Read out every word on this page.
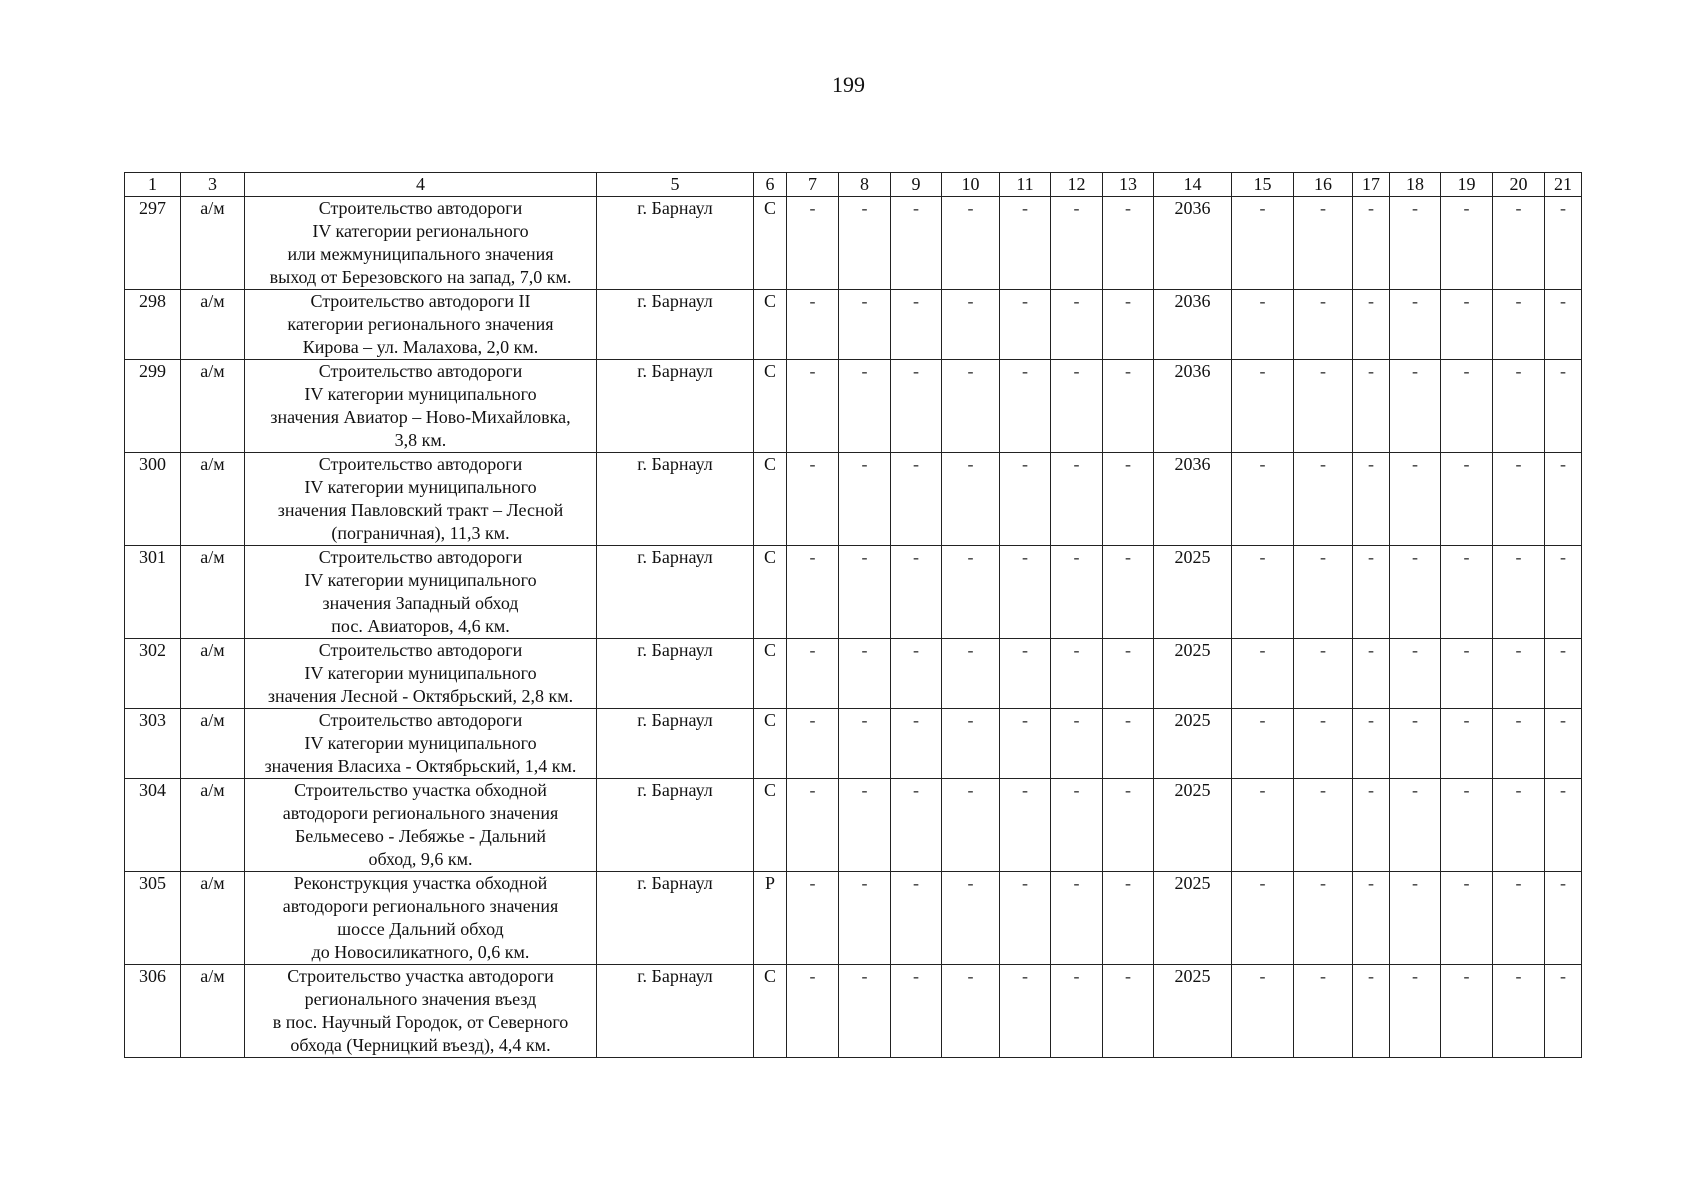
199
1	3	4	5	6	7	8	9	10	11	12	13	14	15	16	17	18	19	20	21
297	а/м	Строительство автодороги
IV категории регионального
или межмуниципального значения
выход от Березовского на запад, 7,0 км.	г. Барнаул	С	-	-	-	-	-	-	-	2036	-	-	-	-	-	-	-
298	а/м	Строительство автодороги II
категории регионального значения
Кирова – ул. Малахова, 2,0 км.	г. Барнаул	С	-	-	-	-	-	-	-	2036	-	-	-	-	-	-	-
299	а/м	Строительство автодороги
IV категории муниципального
значения Авиатор – Ново-Михайловка,
3,8 км.	г. Барнаул	С	-	-	-	-	-	-	-	2036	-	-	-	-	-	-	-
300	а/м	Строительство автодороги
IV категории муниципального
значения Павловский тракт – Лесной
(пограничная), 11,3 км.	г. Барнаул	С	-	-	-	-	-	-	-	2036	-	-	-	-	-	-	-
301	а/м	Строительство автодороги
IV категории муниципального
значения Западный обход
пос. Авиаторов, 4,6 км.	г. Барнаул	С	-	-	-	-	-	-	-	2025	-	-	-	-	-	-	-
302	а/м	Строительство автодороги
IV категории муниципального
значения Лесной - Октябрьский, 2,8 км.	г. Барнаул	С	-	-	-	-	-	-	-	2025	-	-	-	-	-	-	-
303	а/м	Строительство автодороги
IV категории муниципального
значения Власиха - Октябрьский, 1,4 км.	г. Барнаул	С	-	-	-	-	-	-	-	2025	-	-	-	-	-	-	-
304	а/м	Строительство участка обходной
автодороги регионального значения
Бельмесево - Лебяжье - Дальний
обход, 9,6 км.	г. Барнаул	С	-	-	-	-	-	-	-	2025	-	-	-	-	-	-	-
305	а/м	Реконструкция участка обходной
автодороги регионального значения
шоссе Дальний обход
до Новосиликатного, 0,6 км.	г. Барнаул	Р	-	-	-	-	-	-	-	2025	-	-	-	-	-	-	-
306	а/м	Строительство участка автодороги
регионального значения въезд
в пос. Научный Городок, от Северного
обхода (Черницкий въезд), 4,4 км.	г. Барнаул	С	-	-	-	-	-	-	-	2025	-	-	-	-	-	-	-
